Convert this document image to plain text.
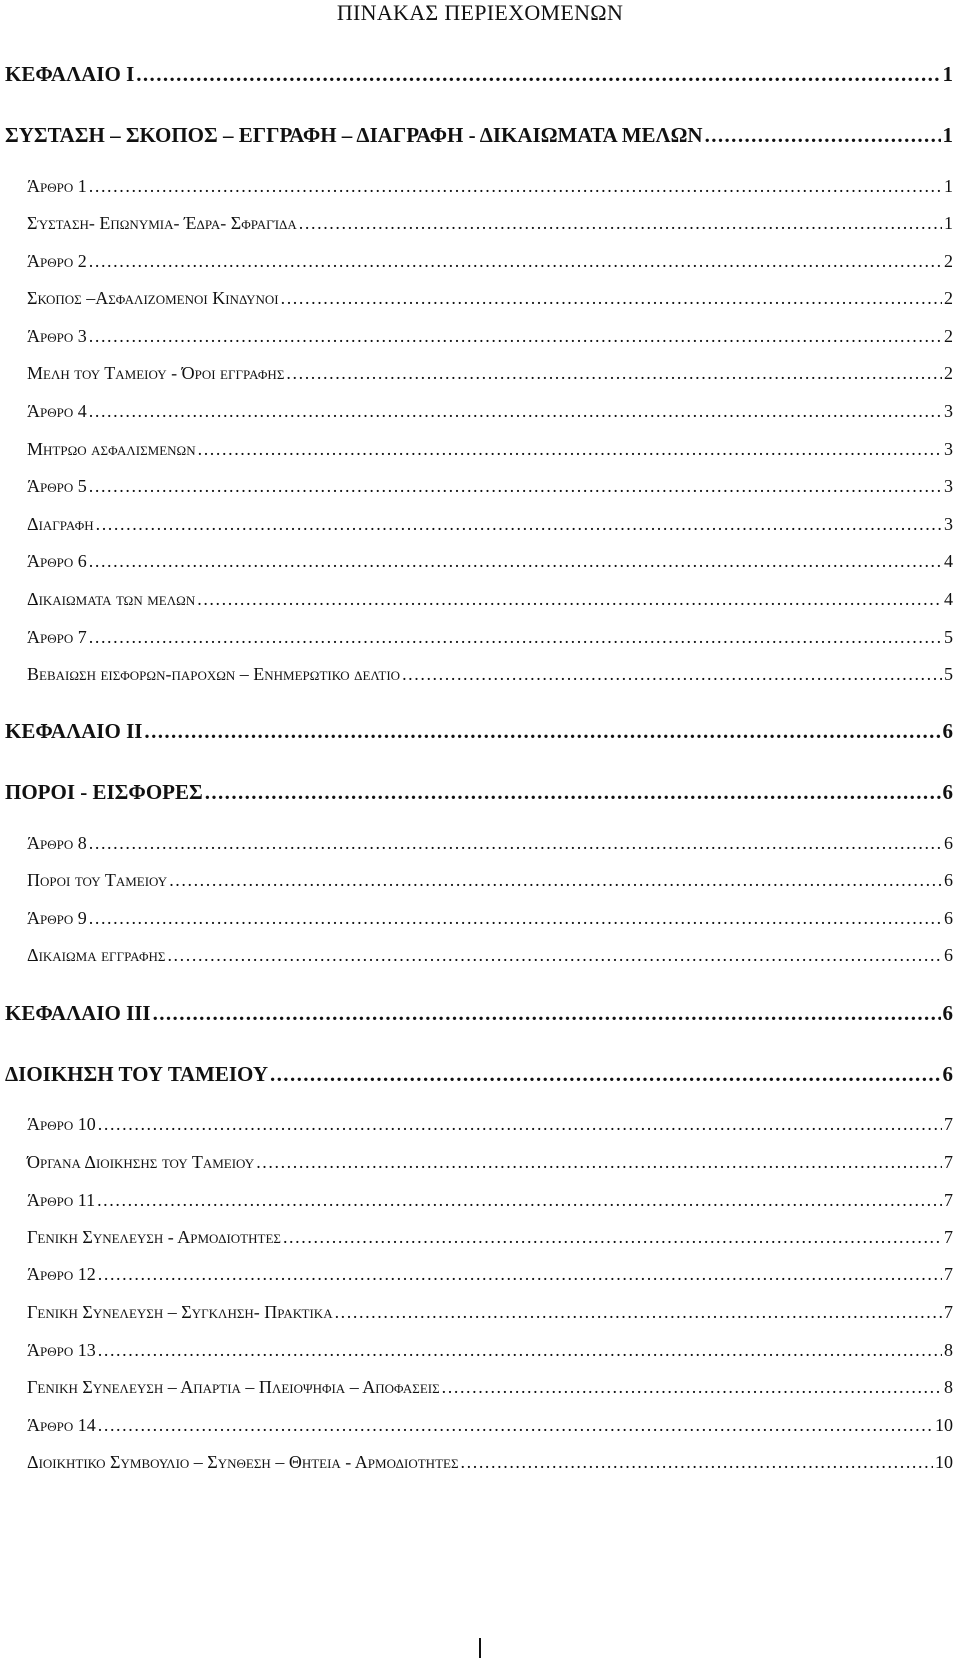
ΠΙΝΑΚΑΣ ΠΕΡΙΕΧΟΜΕΝΩΝ
ΚΕΦΑΛΑΙΟ Ι .....	1
ΣΥΣΤΑΣΗ – ΣΚΟΠΟΣ – ΕΓΓΡΑΦΗ – ΔΙΑΓΡΑΦΗ - ΔΙΚΑΙΩΜΑΤΑ ΜΕΛΩΝ .....	1
Άρθρο 1 .....	1
Σύσταση- Επωνυμια- Έδρα- Σφραγίδα .....	1
Άρθρο 2 .....	2
Σκοπος –Ασφαλιζομενοι Κινδυνοι .....	2
Άρθρο 3 .....	2
Μελη του Ταμειου - Όροι εγγραφης .....	2
Άρθρο 4 .....	3
Μητρωο ασφαλισμενων .....	3
Άρθρο 5 .....	3
Διαγραφη .....	3
Άρθρο 6 .....	4
Δικαιωματα των μελων .....	4
Άρθρο 7 .....	5
Βεβαιωση εισφορων-παροχων – Ενημερωτικο δελτιο .....	5
ΚΕΦΑΛΑΙΟ ΙΙ .....	6
ΠΟΡΟΙ - ΕΙΣΦΟΡΕΣ .....	6
Άρθρο 8 .....	6
Ποροι του Ταμειου .....	6
Άρθρο 9 .....	6
Δικαιωμα εγγραφης .....	6
ΚΕΦΑΛΑΙΟ ΙΙΙ .....	6
ΔΙΟΙΚΗΣΗ ΤΟΥ ΤΑΜΕΙΟΥ .....	6
Άρθρο 10 .....	7
Όργανα Διοικησης του Ταμειου .....	7
Άρθρο 11 .....	7
Γενικη Συνελευση - Αρμοδιοτητες .....	7
Άρθρο 12 .....	7
Γενικη Συνελευση – Συγκληση- Πρακτικα .....	7
Άρθρο 13 .....	8
Γενικη Συνελευση – Απαρτια – Πλειοψηφια – Αποφασεις .....	8
Άρθρο 14 .....	10
Διοικητικο Συμβουλιο – Συνθεση – Θητεια - Αρμοδιοτητες .....	10
